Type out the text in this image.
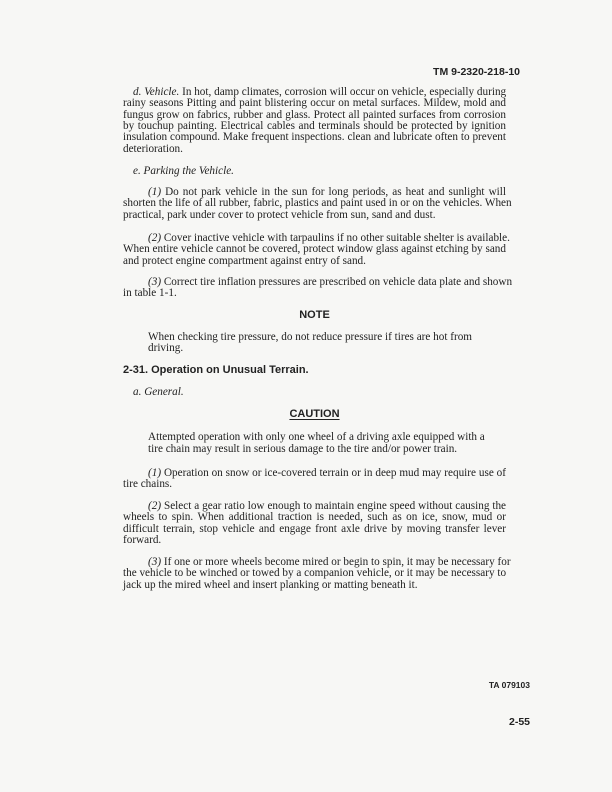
TM 9-2320-218-10
d. Vehicle. In hot, damp climates, corrosion will occur on vehicle, especially during
rainy seasons Pitting and paint blistering occur on metal surfaces. Mildew, mold and
fungus grow on fabrics, rubber and glass. Protect all painted surfaces from corrosion
by touchup painting. Electrical cables and terminals should be protected by ignition
insulation compound. Make frequent inspections. clean and lubricate often to prevent
deterioration.
e. Parking the Vehicle.
(1) Do not park vehicle in the sun for long periods, as heat and sunlight will
shorten the life of all rubber, fabric, plastics and paint used in or on the vehicles. When
practical, park under cover to protect vehicle from sun, sand and dust.
(2) Cover inactive vehicle with tarpaulins if no other suitable shelter is available.
When entire vehicle cannot be covered, protect window glass against etching by sand
and protect engine compartment against entry of sand.
(3) Correct tire inflation pressures are prescribed on vehicle data plate and shown
in table 1-1.
(1) Operation on snow or ice-covered terrain or in deep mud may require use of
tire chains.
(2) Select a gear ratio low enough to maintain engine speed without causing the
wheels to spin. When additional traction is needed, such as on ice, snow, mud or
difficult terrain, stop vehicle and engage front axle drive by moving transfer lever
forward.
(3) If one or more wheels become mired or begin to spin, it may be necessary for
the vehicle to be winched or towed by a companion vehicle, or it may be necessary to
jack up the mired wheel and insert planking or matting beneath it.
NOTE
When checking tire pressure, do not reduce pressure if tires are hot from
driving.
2-31. Operation on Unusual Terrain.
a. General.
CAUTION
Attempted operation with only one wheel of a driving axle equipped with a
tire chain may result in serious damage to the tire and/or power train.
TA 079103
2-55
